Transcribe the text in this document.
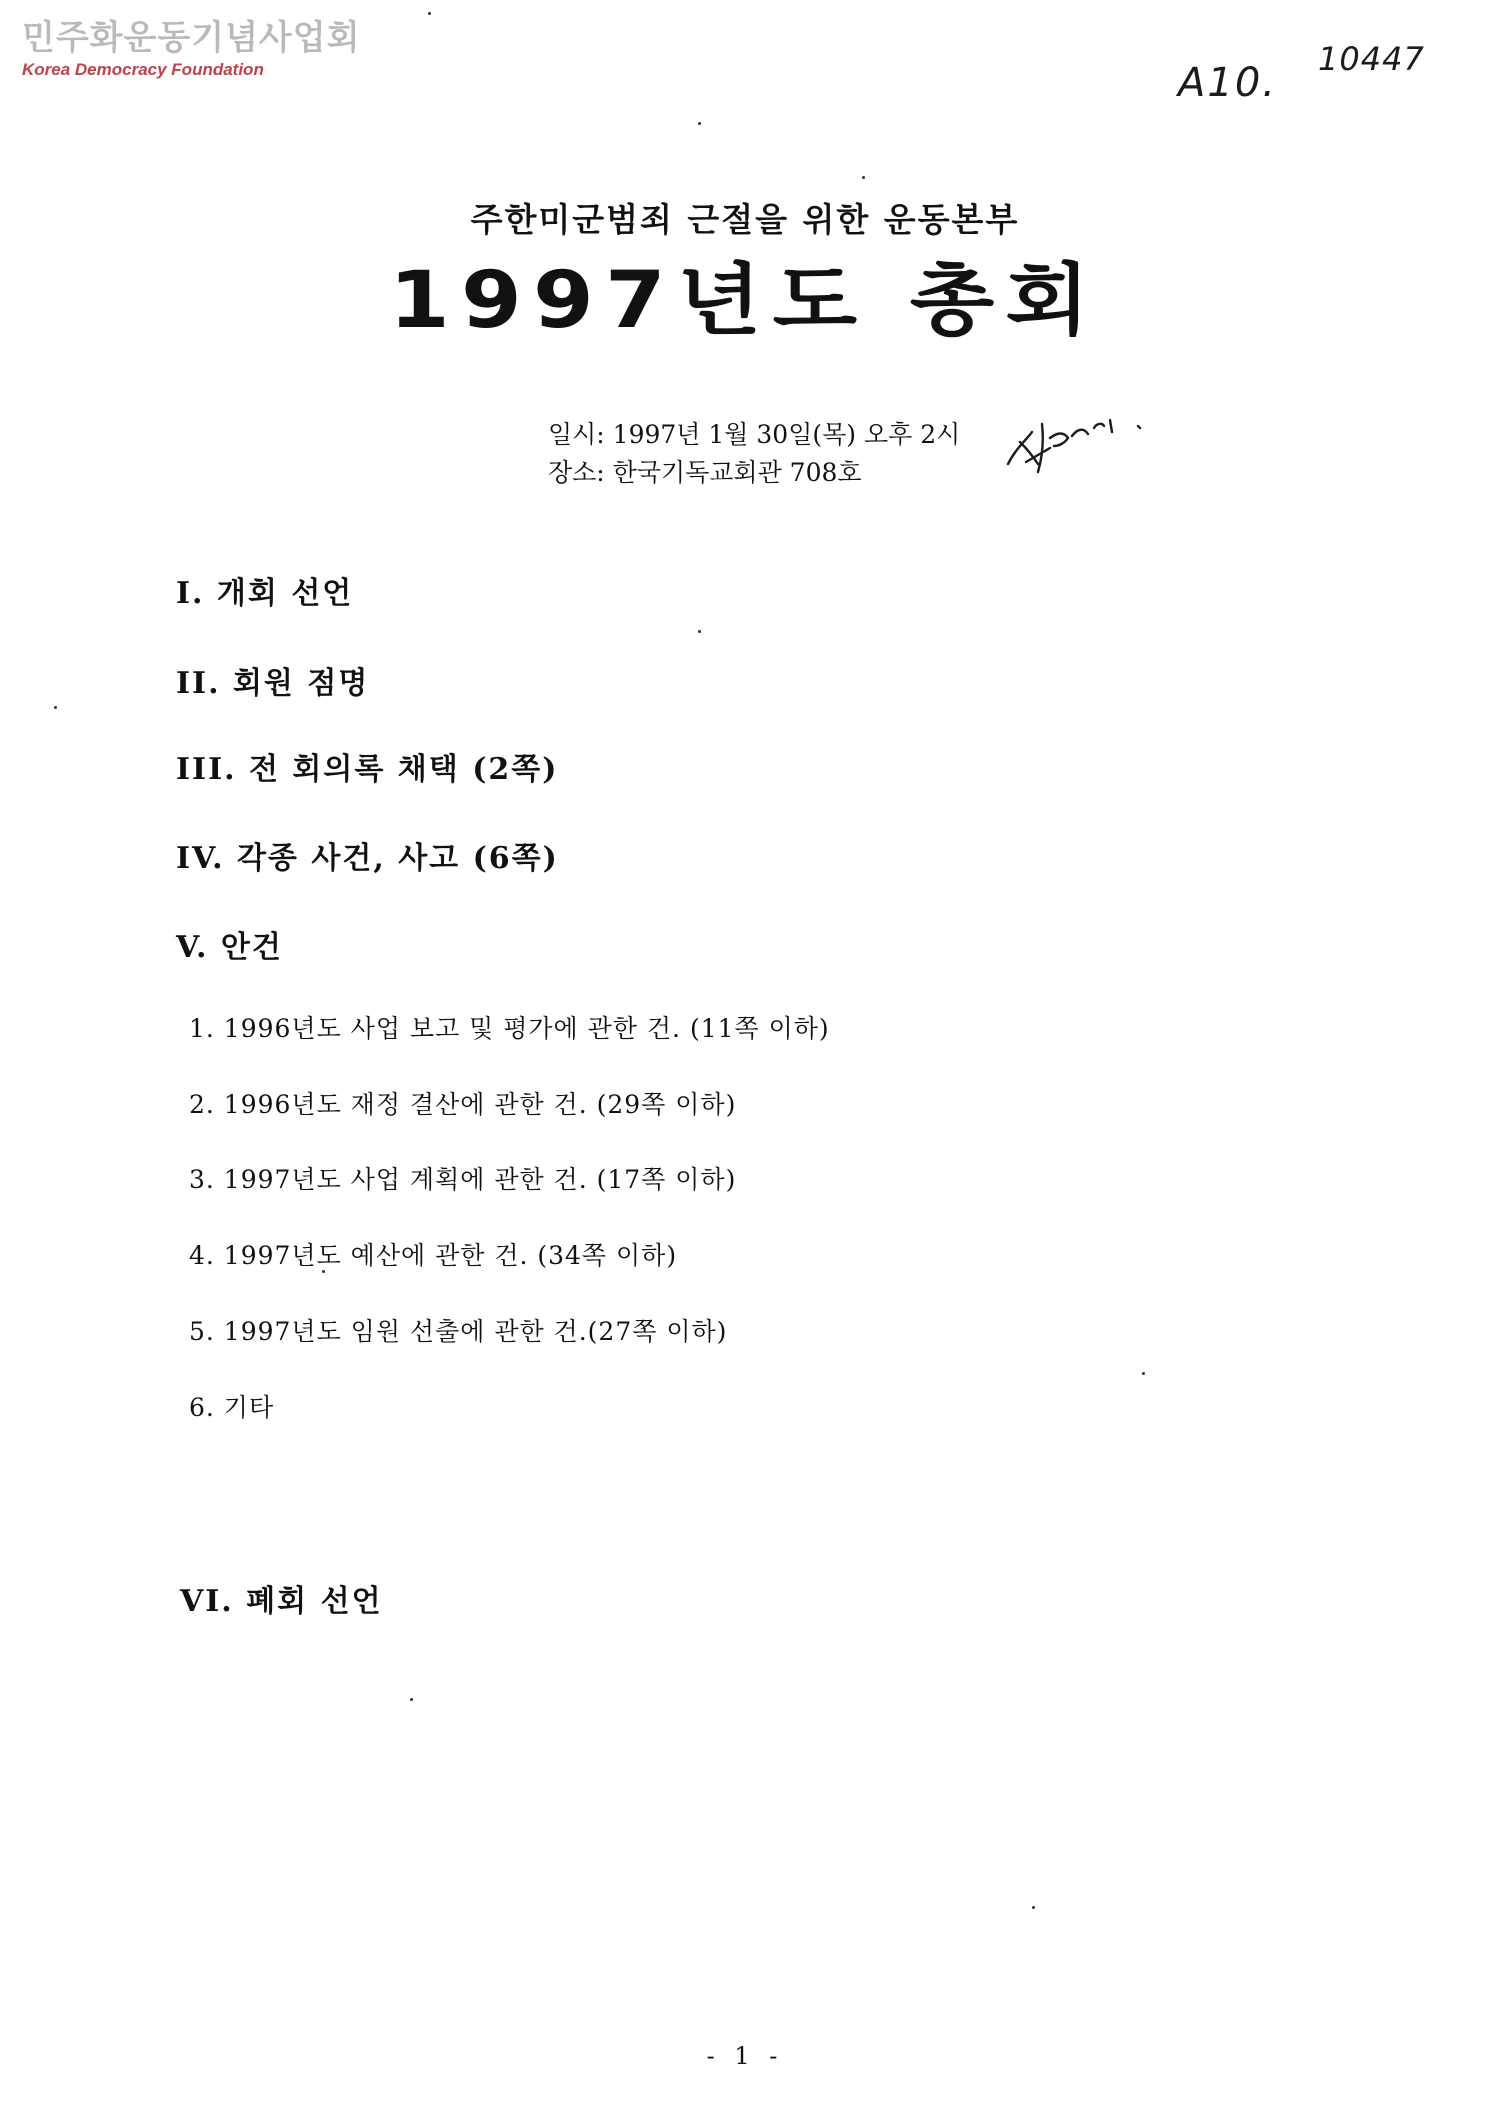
민주화운동기념사업회
Korea Democracy Foundation	A10.
10447
주한미군범죄 근절을 위한 운동본부
1997년도 총회
일시: 1997년 1월 30일(목) 오후 2시
장소: 한국기독교회관 708호
I. 개회 선언
II. 회원 점명
III. 전 회의록 채택 (2쪽)
IV. 각종 사건, 사고 (6쪽)
V. 안건
1. 1996년도 사업 보고 및 평가에 관한 건. (11쪽 이하)
2. 1996년도 재정 결산에 관한 건. (29쪽 이하)
3. 1997년도 사업 계획에 관한 건. (17쪽 이하)
4. 1997년도 예산에 관한 건. (34쪽 이하)
5. 1997년도 임원 선출에 관한 건.(27쪽 이하)
6. 기타
VI. 폐회 선언
- 1 -
